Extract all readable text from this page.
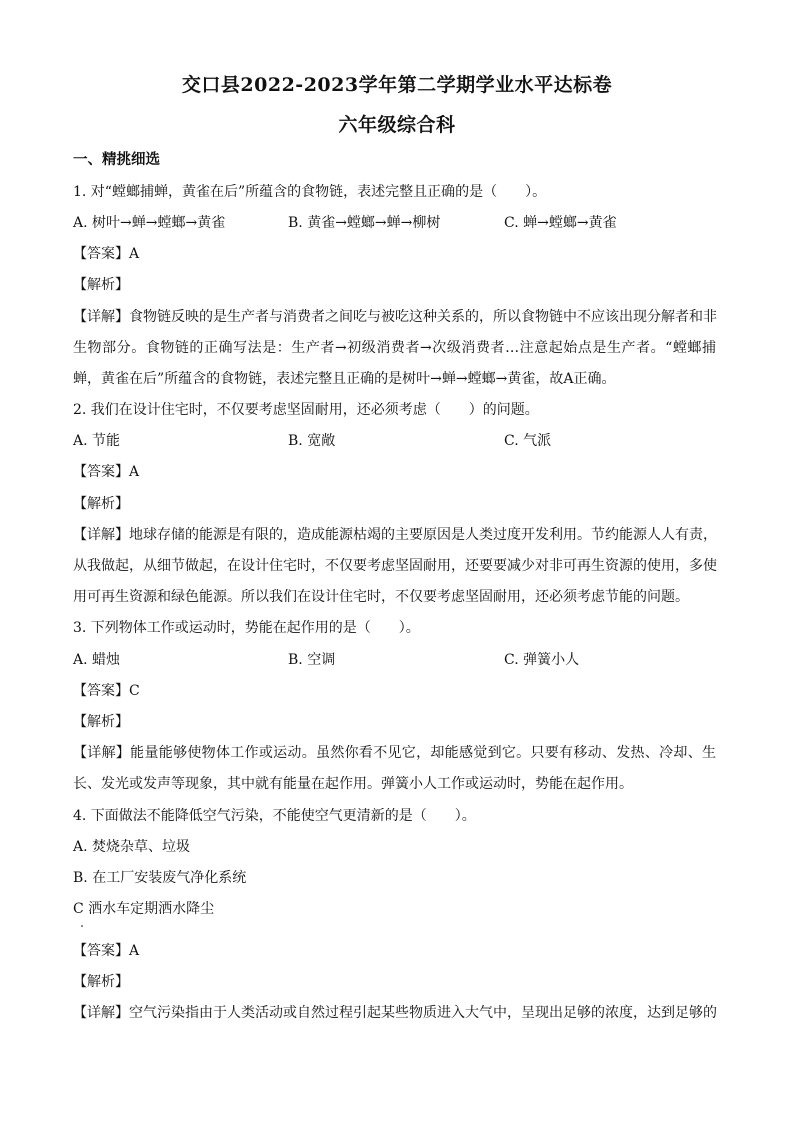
交口县2022-2023学年第二学期学业水平达标卷
六年级综合科
一、精挑细选
1. 对“螳螂捕蝉，黄雀在后”所蕴含的食物链，表述完整且正确的是（　　）。
A. 树叶→蝉→螳螂→黄雀	B. 黄雀→螳螂→蝉→柳树	C. 蝉→螳螂→黄雀
【答案】A
【解析】
【详解】食物链反映的是生产者与消费者之间吃与被吃这种关系的，所以食物链中不应该出现分解者和非
生物部分。食物链的正确写法是：生产者→初级消费者→次级消费者…注意起始点是生产者。“螳螂捕
蝉，黄雀在后”所蕴含的食物链，表述完整且正确的是树叶→蝉→螳螂→黄雀，故A正确。
2. 我们在设计住宅时，不仅要考虑坚固耐用，还必须考虑（　　）的问题。
A. 节能	B. 宽敞	C. 气派
【答案】A
【解析】
【详解】地球存储的能源是有限的，造成能源枯竭的主要原因是人类过度开发利用。节约能源人人有责，
从我做起，从细节做起，在设计住宅时，不仅要考虑坚固耐用，还要要减少对非可再生资源的使用，多使
用可再生资源和绿色能源。所以我们在设计住宅时，不仅要考虑坚固耐用，还必须考虑节能的问题。
3. 下列物体工作或运动时，势能在起作用的是（　　）。
A. 蜡烛	B. 空调	C. 弹簧小人
【答案】C
【解析】
【详解】能量能够使物体工作或运动。虽然你看不见它，却能感觉到它。只要有移动、发热、冷却、生
长、发光或发声等现象，其中就有能量在起作用。弹簧小人工作或运动时，势能在起作用。
4. 下面做法不能降低空气污染，不能使空气更清新的是（　　）。
A. 焚烧杂草、垃圾
B. 在工厂安装废气净化系统
C 洒水车定期洒水降尘
【答案】A
【解析】
【详解】空气污染指由于人类活动或自然过程引起某些物质进入大气中，呈现出足够的浓度，达到足够的
